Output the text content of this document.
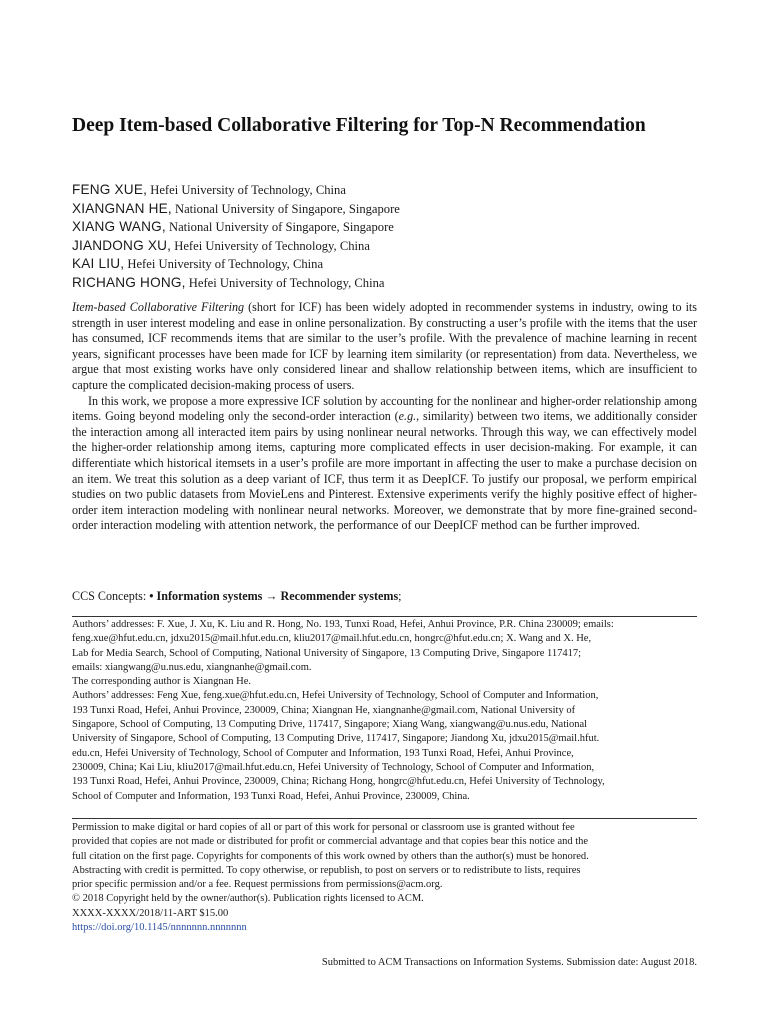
Deep Item-based Collaborative Filtering for Top-N Recommendation
FENG XUE, Hefei University of Technology, China
XIANGNAN HE, National University of Singapore, Singapore
XIANG WANG, National University of Singapore, Singapore
JIANDONG XU, Hefei University of Technology, China
KAI LIU, Hefei University of Technology, China
RICHANG HONG, Hefei University of Technology, China

Item-based Collaborative Filtering (short for ICF) has been widely adopted in recommender systems in industry, owing to its strength in user interest modeling and ease in online personalization. By constructing a user’s profile with the items that the user has consumed, ICF recommends items that are similar to the user’s profile. With the prevalence of machine learning in recent years, significant processes have been made for ICF by learning item similarity (or representation) from data. Nevertheless, we argue that most existing works have only considered linear and shallow relationship between items, which are insufficient to capture the complicated decision-making process of users.

In this work, we propose a more expressive ICF solution by accounting for the nonlinear and higher-order relationship among items. Going beyond modeling only the second-order interaction (e.g., similarity) between two items, we additionally consider the interaction among all interacted item pairs by using nonlinear neural networks. Through this way, we can effectively model the higher-order relationship among items, capturing more complicated effects in user decision-making. For example, it can differentiate which historical itemsets in a user’s profile are more important in affecting the user to make a purchase decision on an item. We treat this solution as a deep variant of ICF, thus term it as DeepICF. To justify our proposal, we perform empirical studies on two public datasets from MovieLens and Pinterest. Extensive experiments verify the highly positive effect of higher-order item interaction modeling with nonlinear neural networks. Moreover, we demonstrate that by more fine-grained second-order interaction modeling with attention network, the performance of our DeepICF method can be further improved.

CCS Concepts: • Information systems → Recommender systems;

Authors’ addresses: F. Xue, J. Xu, K. Liu and R. Hong, No. 193, Tunxi Road, Hefei, Anhui Province, P.R. China 230009; emails:

feng.xue@hfut.edu.cn, jdxu2015@mail.hfut.edu.cn, kliu2017@mail.hfut.edu.cn, hongrc@hfut.edu.cn; X. Wang and X. He,

Lab for Media Search, School of Computing, National University of Singapore, 13 Computing Drive, Singapore 117417;

emails: xiangwang@u.nus.edu, xiangnanhe@gmail.com.

The corresponding author is Xiangnan He.

Authors’ addresses: Feng Xue, feng.xue@hfut.edu.cn, Hefei University of Technology, School of Computer and Information,

193 Tunxi Road, Hefei, Anhui Province, 230009, China; Xiangnan He, xiangnanhe@gmail.com, National University of

Singapore, School of Computing, 13 Computing Drive, 117417, Singapore; Xiang Wang, xiangwang@u.nus.edu, National

University of Singapore, School of Computing, 13 Computing Drive, 117417, Singapore; Jiandong Xu, jdxu2015@mail.hfut.

edu.cn, Hefei University of Technology, School of Computer and Information, 193 Tunxi Road, Hefei, Anhui Province,

230009, China; Kai Liu, kliu2017@mail.hfut.edu.cn, Hefei University of Technology, School of Computer and Information,

193 Tunxi Road, Hefei, Anhui Province, 230009, China; Richang Hong, hongrc@hfut.edu.cn, Hefei University of Technology,

School of Computer and Information, 193 Tunxi Road, Hefei, Anhui Province, 230009, China.

Permission to make digital or hard copies of all or part of this work for personal or classroom use is granted without fee

provided that copies are not made or distributed for profit or commercial advantage and that copies bear this notice and the

full citation on the first page. Copyrights for components of this work owned by others than the author(s) must be honored.

Abstracting with credit is permitted. To copy otherwise, or republish, to post on servers or to redistribute to lists, requires

prior specific permission and/or a fee. Request permissions from permissions@acm.org.

© 2018 Copyright held by the owner/author(s). Publication rights licensed to ACM.

XXXX-XXXX/2018/11-ART $15.00

https://doi.org/10.1145/nnnnnnn.nnnnnnn

Submitted to ACM Transactions on Information Systems. Submission date: August 2018.
